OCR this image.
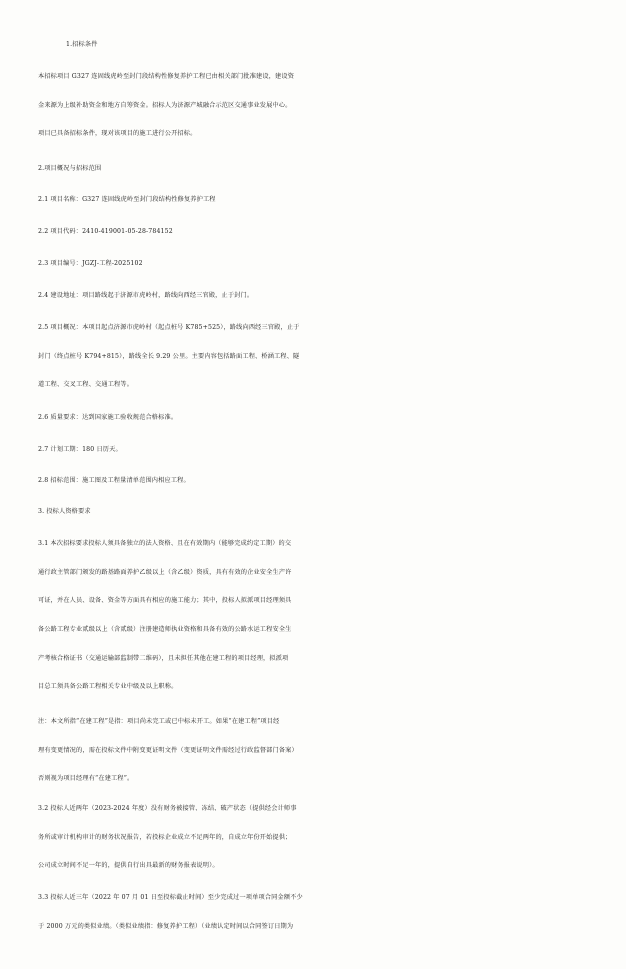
1.招标条件

本招标项目 G327 连固线虎岭至封门段结构性修复养护工程已由相关部门批准建设，建设资
金来源为上级补助资金和地方自筹资金。招标人为济源产城融合示范区交通事业发展中心。
项目已具备招标条件，现对该项目的施工进行公开招标。

2.项目概况与招标范围

2.1 项目名称：G327 连固线虎岭至封门段结构性修复养护工程

2.2 项目代码：2410-419001-05-28-784152

2.3 项目编号：JGZJ-工程-2025102

2.4 建设地址：项目路线起于济源市虎岭村，路线向西经三官殿，止于封门。

2.5 项目概况：本项目起点济源市虎岭村（起点桩号 K785+525），路线向西经三官殿，止于
封门（终点桩号 K794+815），路线全长 9.29 公里。主要内容包括路面工程、桥涵工程、隧
道工程、交叉工程、交通工程等。

2.6 质量要求：达到国家施工验收规范合格标准。

2.7 计划工期：180 日历天。

2.8 招标范围：施工图及工程量清单范围内相应工程。

3. 投标人资格要求

3.1 本次招标要求投标人须具备独立的法人资格、且在有效期内（能够完成约定工期）的交
通行政主管部门颁发的路基路面养护乙级以上（含乙级）资质，具有有效的企业安全生产许
可证，并在人员、设备、资金等方面具有相应的施工能力；其中，投标人拟派项目经理须具
备公路工程专业贰级以上（含贰级）注册建造师执业资格和具备有效的公路水运工程安全生
产考核合格证书（交通运输部监制带二维码），且未担任其他在建工程的项目经理，拟派项
目总工须具备公路工程相关专业中级及以上职称。

注：本文所指“在建工程”是指：项目尚未完工或已中标未开工。如果“在建工程”项目经
理有变更情况的，需在投标文件中附变更证明文件（变更证明文件需经过行政监督部门备案）
否则视为项目经理有“在建工程”。

3.2 投标人近两年（2023-2024 年度）没有财务被接管、冻结、破产状态（提供经会计师事
务所或审计机构审计的财务状况报告，若投标企业成立不足两年的，自成立年份开始提供；
公司成立时间不足一年的，提供自行出具最新的财务报表说明）。

3.3 投标人近三年（2022 年 07 月 01 日至投标截止时间）至少完成过一项单项合同金额不少
于 2000 万元的类似业绩。（类似业绩指：修复养护工程）（业绩认定时间以合同签订日期为
